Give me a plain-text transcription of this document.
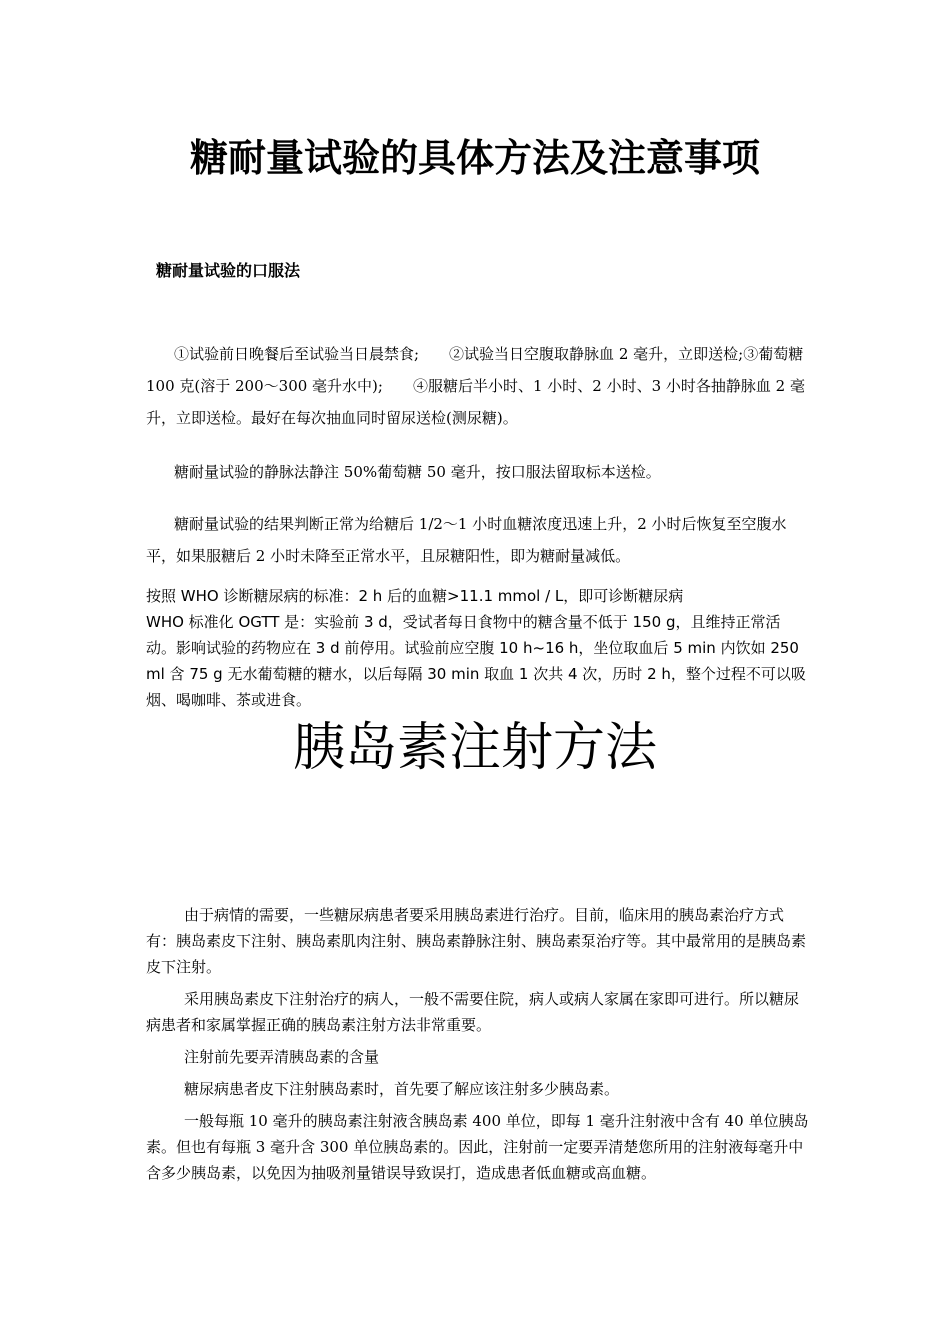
糖耐量试验的具体方法及注意事项
糖耐量试验的口服法

①试验前日晚餐后至试验当日晨禁食;　　②试验当日空腹取静脉血 2 毫升，立即送检;③葡萄糖 100 克(溶于 200～300 毫升水中);　　④服糖后半小时、1 小时、2 小时、3 小时各抽静脉血 2 毫升，立即送检。最好在每次抽血同时留尿送检(测尿糖)。

糖耐量试验的静脉法静注 50%葡萄糖 50 毫升，按口服法留取标本送检。

糖耐量试验的结果判断正常为给糖后 1/2～1 小时血糖浓度迅速上升，2 小时后恢复至空腹水平，如果服糖后 2 小时未降至正常水平，且尿糖阳性，即为糖耐量减低。

按照 WHO 诊断糖尿病的标准：2 h 后的血糖>11.1 mmol / L，即可诊断糖尿病

WHO 标准化 OGTT 是：实验前 3 d，受试者每日食物中的糖含量不低于 150 g，且维持正常活动。影响试验的药物应在 3 d 前停用。试验前应空腹 10 h~16 h，坐位取血后 5 min 内饮如 250 ml 含 75 g 无水葡萄糖的糖水，以后每隔 30 min 取血 1 次共 4 次，历时 2 h，整个过程不可以吸烟、喝咖啡、茶或进食。

胰岛素注射方法

由于病情的需要，一些糖尿病患者要采用胰岛素进行治疗。目前，临床用的胰岛素治疗方式有：胰岛素皮下注射、胰岛素肌肉注射、胰岛素静脉注射、胰岛素泵治疗等。其中最常用的是胰岛素皮下注射。

采用胰岛素皮下注射治疗的病人，一般不需要住院，病人或病人家属在家即可进行。所以糖尿病患者和家属掌握正确的胰岛素注射方法非常重要。

注射前先要弄清胰岛素的含量

糖尿病患者皮下注射胰岛素时，首先要了解应该注射多少胰岛素。

一般每瓶 10 毫升的胰岛素注射液含胰岛素 400 单位，即每 1 毫升注射液中含有 40 单位胰岛素。但也有每瓶 3 毫升含 300 单位胰岛素的。因此，注射前一定要弄清楚您所用的注射液每毫升中含多少胰岛素，以免因为抽吸剂量错误导致误打，造成患者低血糖或高血糖。
